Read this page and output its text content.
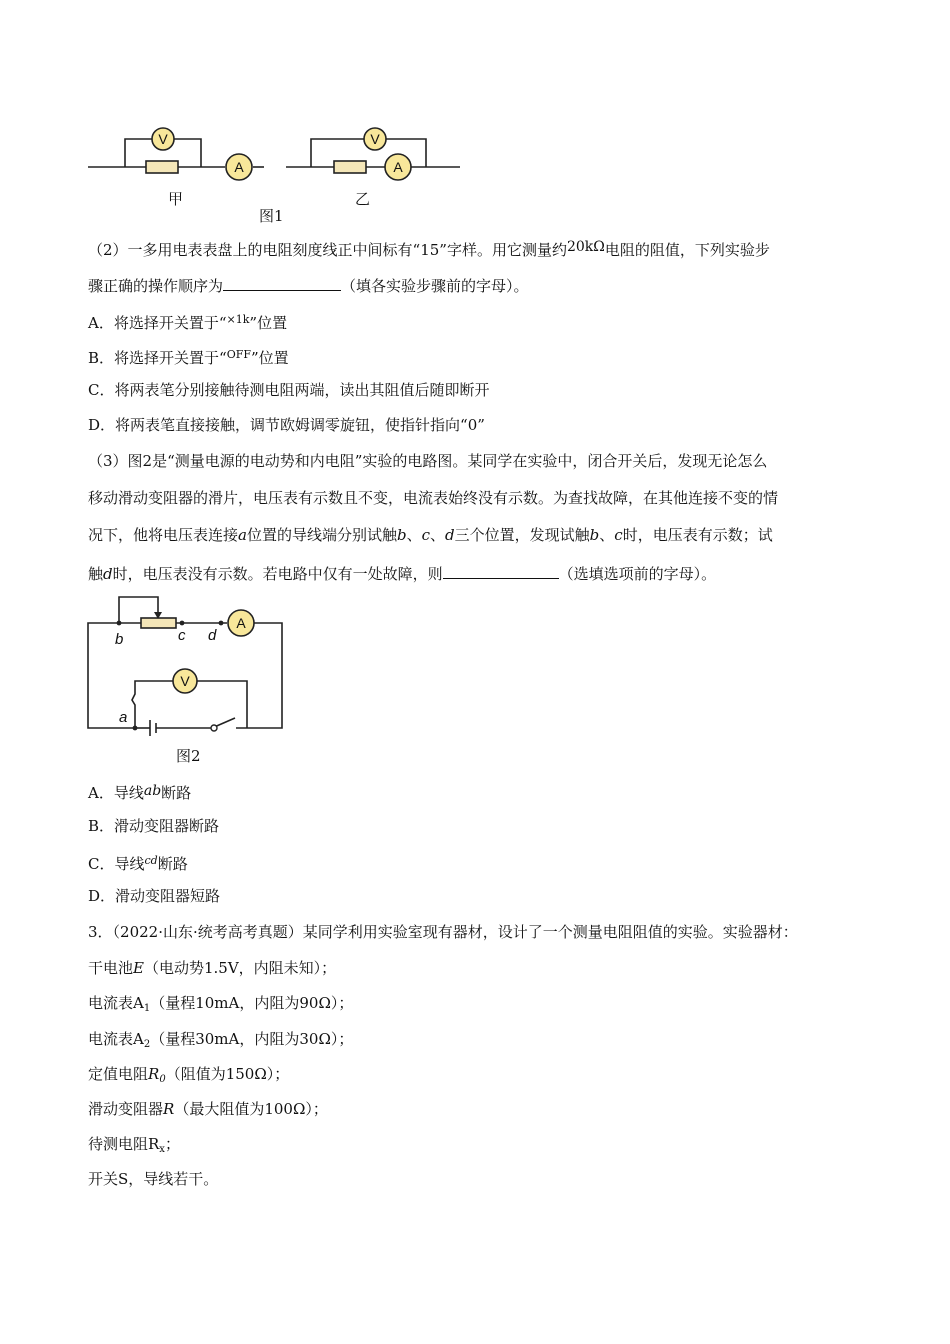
V
A
V
A
甲	乙
图1
（2）一多用电表表盘上的电阻刻度线正中间标有“15”字样。用它测量约20kΩ电阻的阻值，下列实验步
骤正确的操作顺序为	（填各实验步骤前的字母）。
A．将选择开关置于“$^{\times 1k}$”位置
B．将选择开关置于“$^{OFF}$”位置
C．将两表笔分别接触待测电阻两端，读出其阻值后随即断开
D．将两表笔直接接触，调节欧姆调零旋钮，使指针指向“0”
（3）图2是“测量电源的电动势和内电阻”实验的电路图。某同学在实验中，闭合开关后，发现无论怎么
移动滑动变阻器的滑片，电压表有示数且不变，电流表始终没有示数。为查找故障，在其他连接不变的情
况下，他将电压表连接a位置的导线端分别试触b、c、d三个位置，发现试触b、c时，电压表有示数；试
触d时，电压表没有示数。若电路中仅有一处故障，则	（选填选项前的字母）。
A
V
b	c d
a
图2
A．导线ab断路
B．滑动变阻器断路
C．导线$^{cd}$断路
D．滑动变阻器短路
3．（2022·山东·统考高考真题）某同学利用实验室现有器材，设计了一个测量电阻阻值的实验。实验器材：
干电池E（电动势1.5V，内阻未知）；
电流表$A_1$（量程10mA，内阻为90Ω）；
电流表$A_2$（量程30mA，内阻为30Ω）；
定值电阻$R_0$（阻值为150Ω）；
滑动变阻器R（最大阻值为100Ω）；
待测电阻$R_x$；
开关S，导线若干。
